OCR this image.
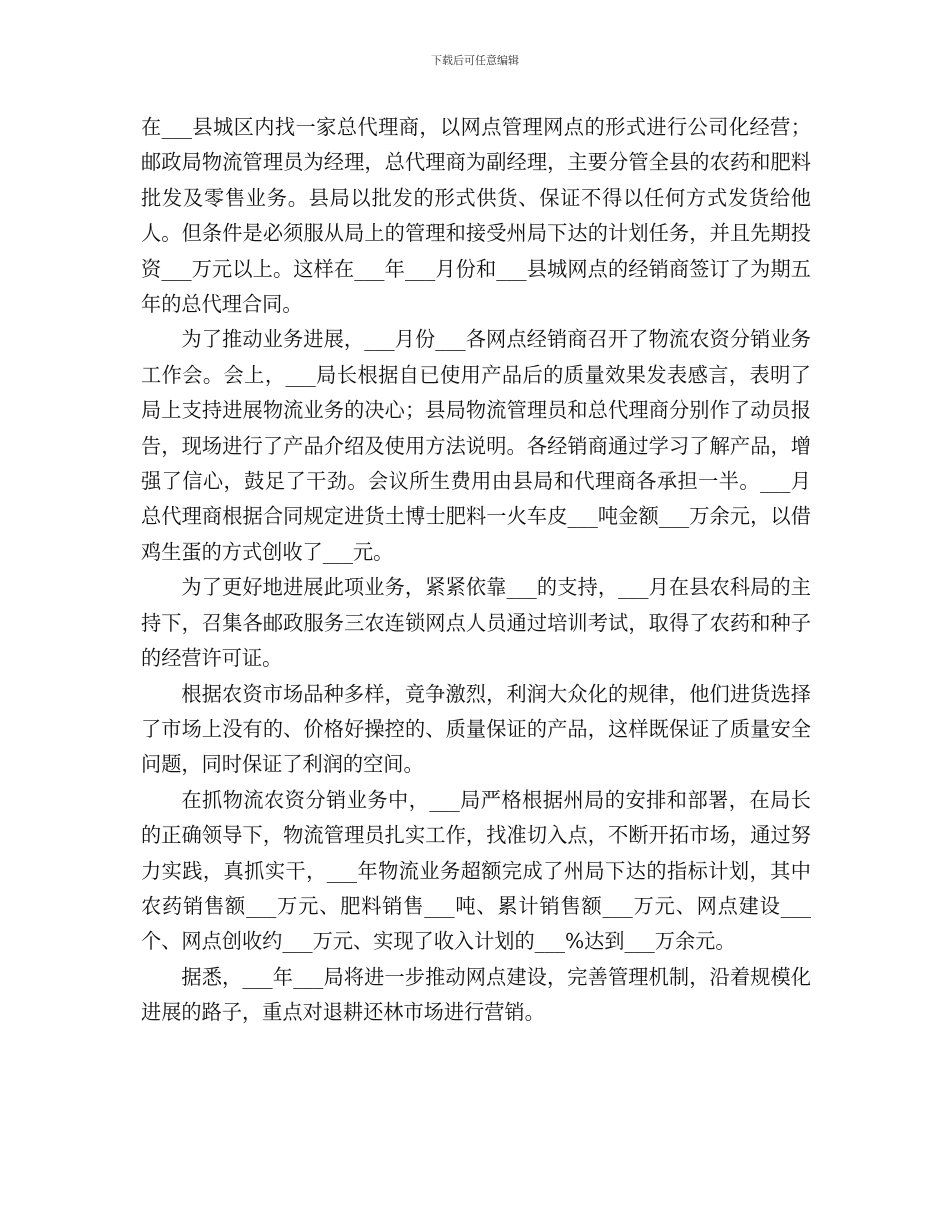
下载后可任意编辑

在___县城区内找一家总代理商，以网点管理网点的形式进行公司化经营；邮政局物流管理员为经理，总代理商为副经理，主要分管全县的农药和肥料批发及零售业务。县局以批发的形式供货、保证不得以任何方式发货给他人。但条件是必须服从局上的管理和接受州局下达的计划任务，并且先期投资___万元以上。这样在___年___月份和___县城网点的经销商签订了为期五年的总代理合同。

为了推动业务进展，___月份___各网点经销商召开了物流农资分销业务工作会。会上，___局长根据自已使用产品后的质量效果发表感言，表明了局上支持进展物流业务的决心；县局物流管理员和总代理商分别作了动员报告，现场进行了产品介绍及使用方法说明。各经销商通过学习了解产品，增强了信心，鼓足了干劲。会议所生费用由县局和代理商各承担一半。___月总代理商根据合同规定进货土博士肥料一火车皮___吨金额___万余元，以借鸡生蛋的方式创收了___元。

为了更好地进展此项业务，紧紧依靠___的支持，___月在县农科局的主持下，召集各邮政服务三农连锁网点人员通过培训考试，取得了农药和种子的经营许可证。

根据农资市场品种多样，竟争激烈，利润大众化的规律，他们进货选择了市场上没有的、价格好操控的、质量保证的产品，这样既保证了质量安全问题，同时保证了利润的空间。

在抓物流农资分销业务中，___局严格根据州局的安排和部署，在局长的正确领导下，物流管理员扎实工作，找准切入点，不断开拓市场，通过努力实践，真抓实干，___年物流业务超额完成了州局下达的指标计划，其中农药销售额___万元、肥料销售___吨、累计销售额___万元、网点建设___个、网点创收约___万元、实现了收入计划的___%达到___万余元。

据悉，___年___局将进一步推动网点建设，完善管理机制，沿着规模化进展的路子，重点对退耕还林市场进行营销。
